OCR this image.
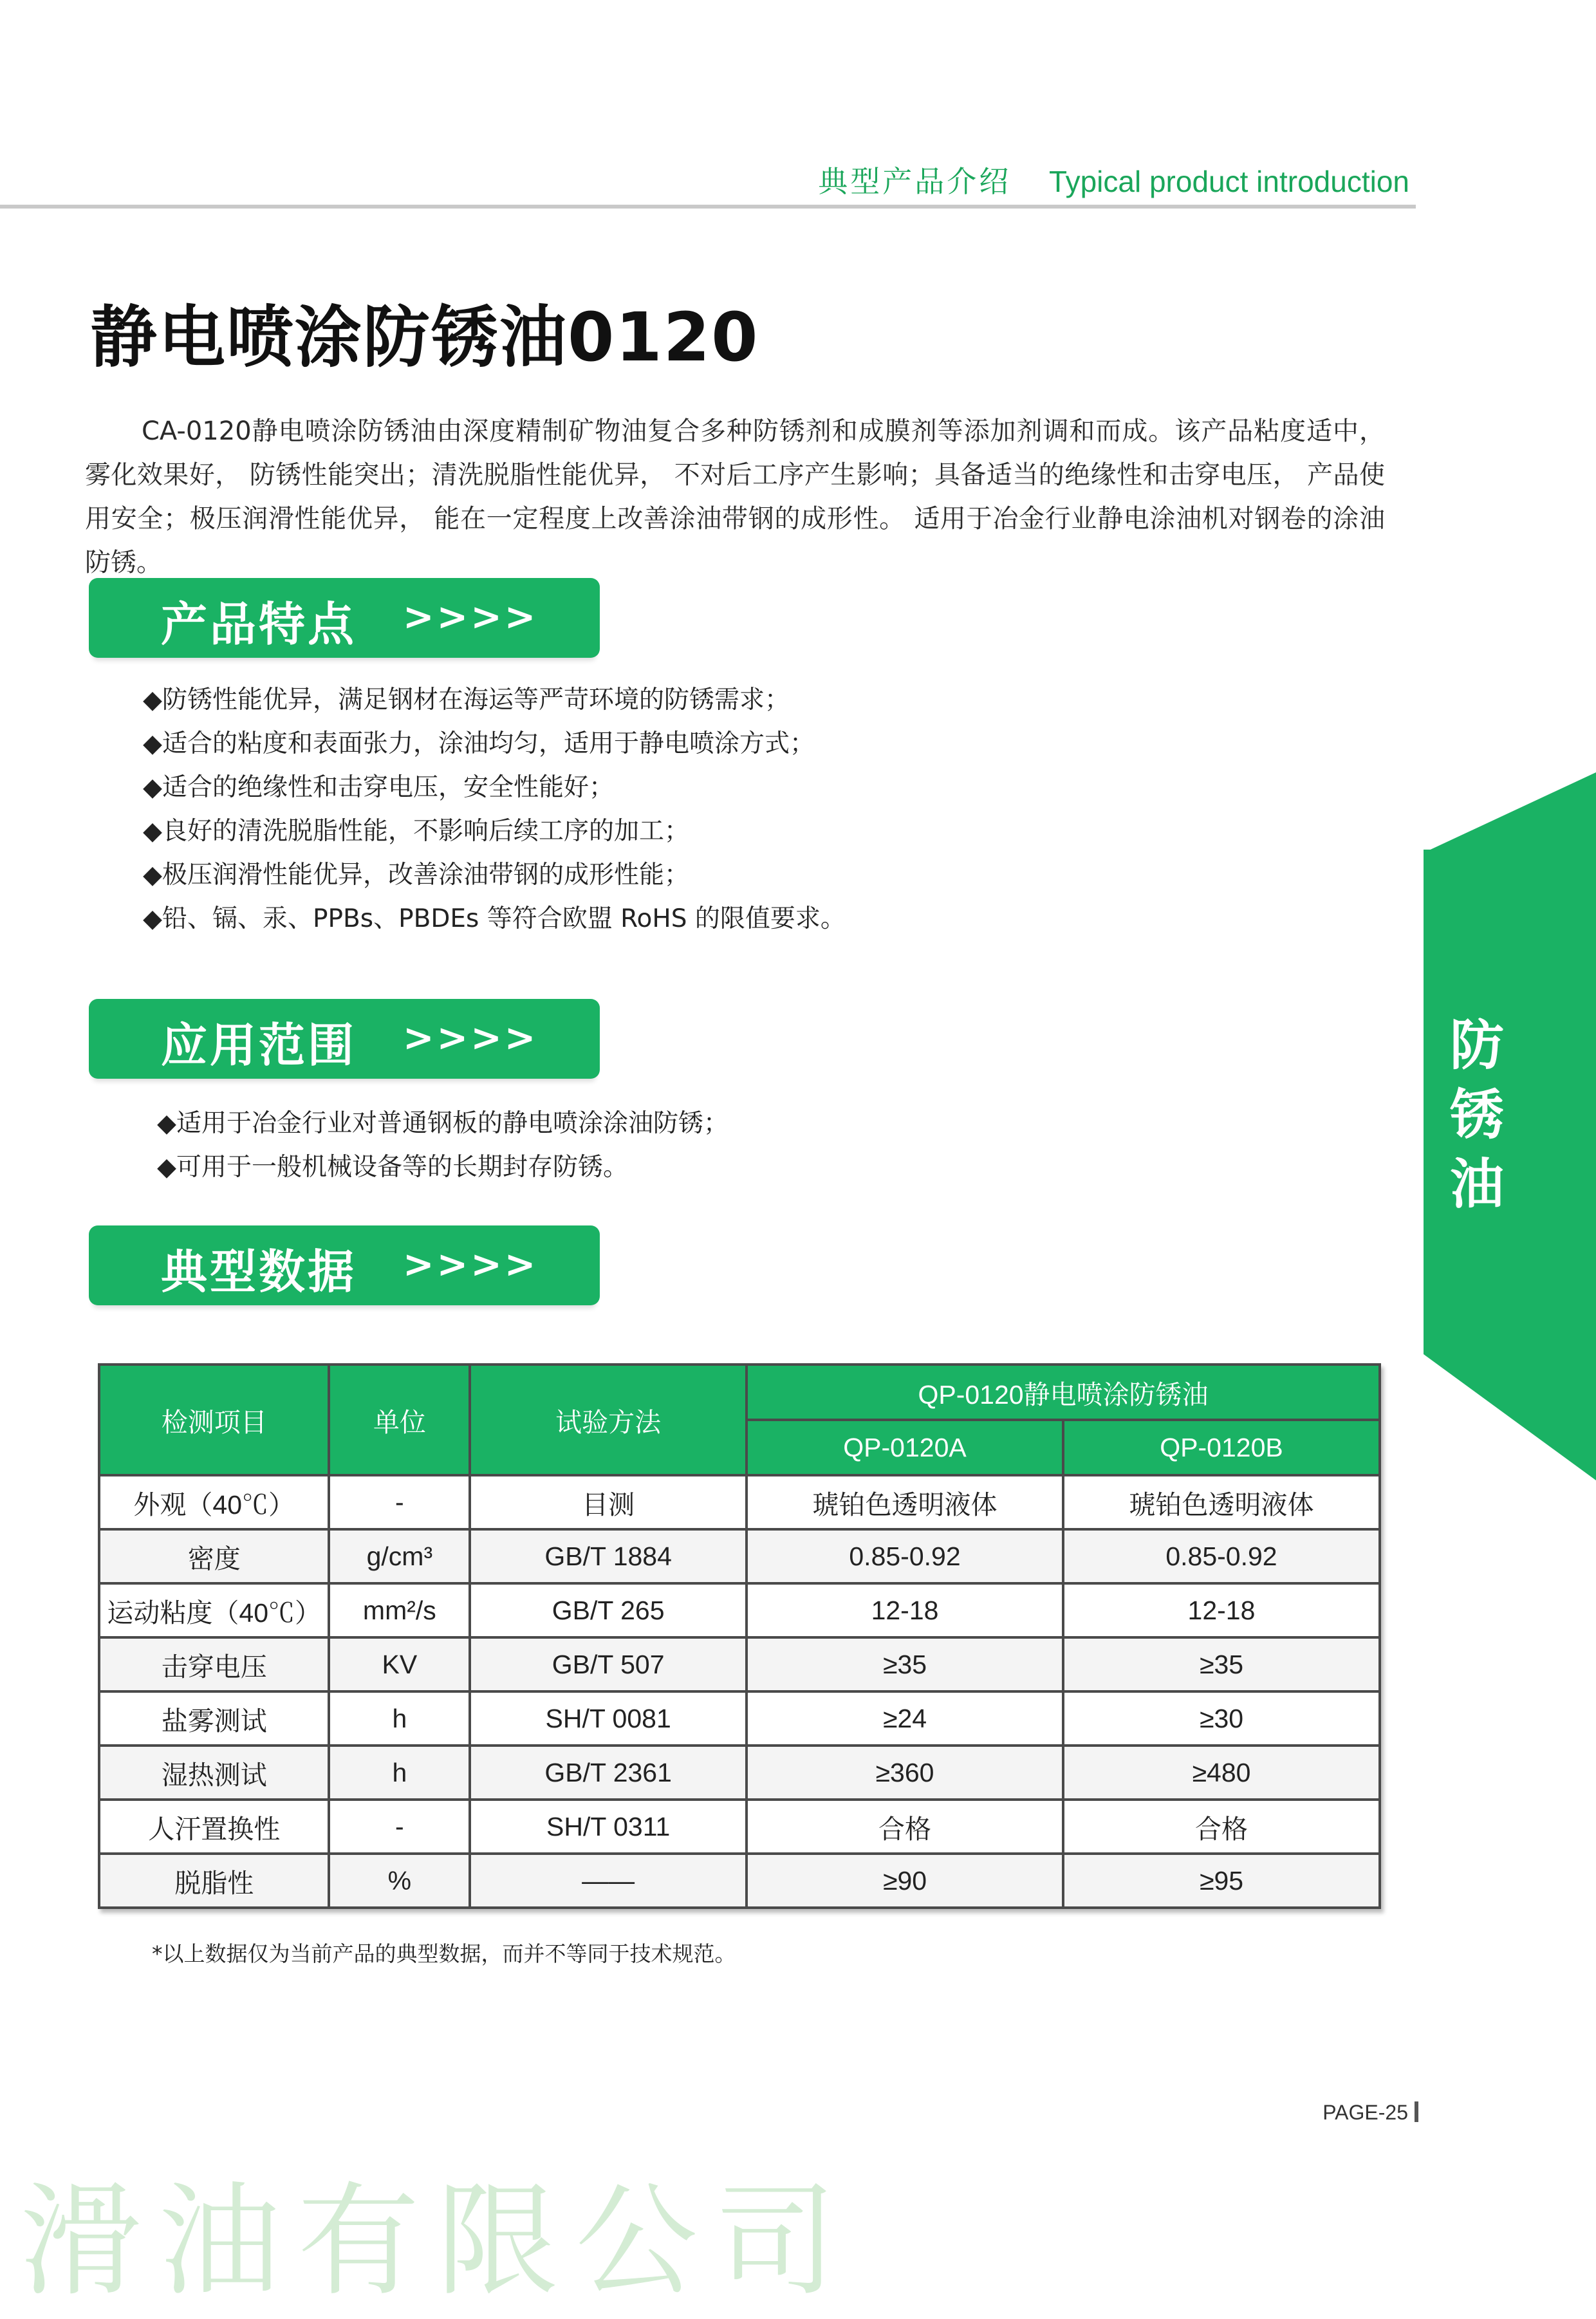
典型产品介绍 Typical product introduction
静电喷涂防锈油0120

CA-0120静电喷涂防锈油由深度精制矿物油复合多种防锈剂和成膜剂等添加剂调和而成。该产品粘度适中， 雾化效果好， 防锈性能突出；清洗脱脂性能优异， 不对后工序产生影响；具备适当的绝缘性和击穿电压， 产品使用安全；极压润滑性能优异， 能在一定程度上改善涂油带钢的成形性。 适用于冶金行业静电涂油机对钢卷的涂油防锈。

产品特点 >>>>
◆防锈性能优异，满足钢材在海运等严苛环境的防锈需求；
◆适合的粘度和表面张力，涂油均匀，适用于静电喷涂方式；
◆适合的绝缘性和击穿电压，安全性能好；
◆良好的清洗脱脂性能，不影响后续工序的加工；
◆极压润滑性能优异，改善涂油带钢的成形性能；
◆铅、镉、汞、PPBs、PBDEs 等符合欧盟 RoHS 的限值要求。
应用范围 >>>>
◆适用于冶金行业对普通钢板的静电喷涂涂油防锈；
◆可用于一般机械设备等的长期封存防锈。
典型数据 >>>>
防
锈
油
检测项目	单位	试验方法	QP-0120静电喷涂防锈油	
			QP-0120A	QP-0120B
外观（40℃）	-	目测	琥铂色透明液体	琥铂色透明液体
密度	g/cm³	GB/T 1884	0.85-0.92	0.85-0.92
运动粘度（40℃）	mm²/s	GB/T 265	12-18	12-18
击穿电压	KV	GB/T 507	≥35	≥35
盐雾测试	h	SH/T 0081	≥24	≥30
湿热测试	h	GB/T 2361	≥360	≥480
人汗置换性	-	SH/T 0311	合格	合格
脱脂性	%	——	≥90	≥95
*以上数据仅为当前产品的典型数据，而并不等同于技术规范。
PAGE-25
滑油有限公司
